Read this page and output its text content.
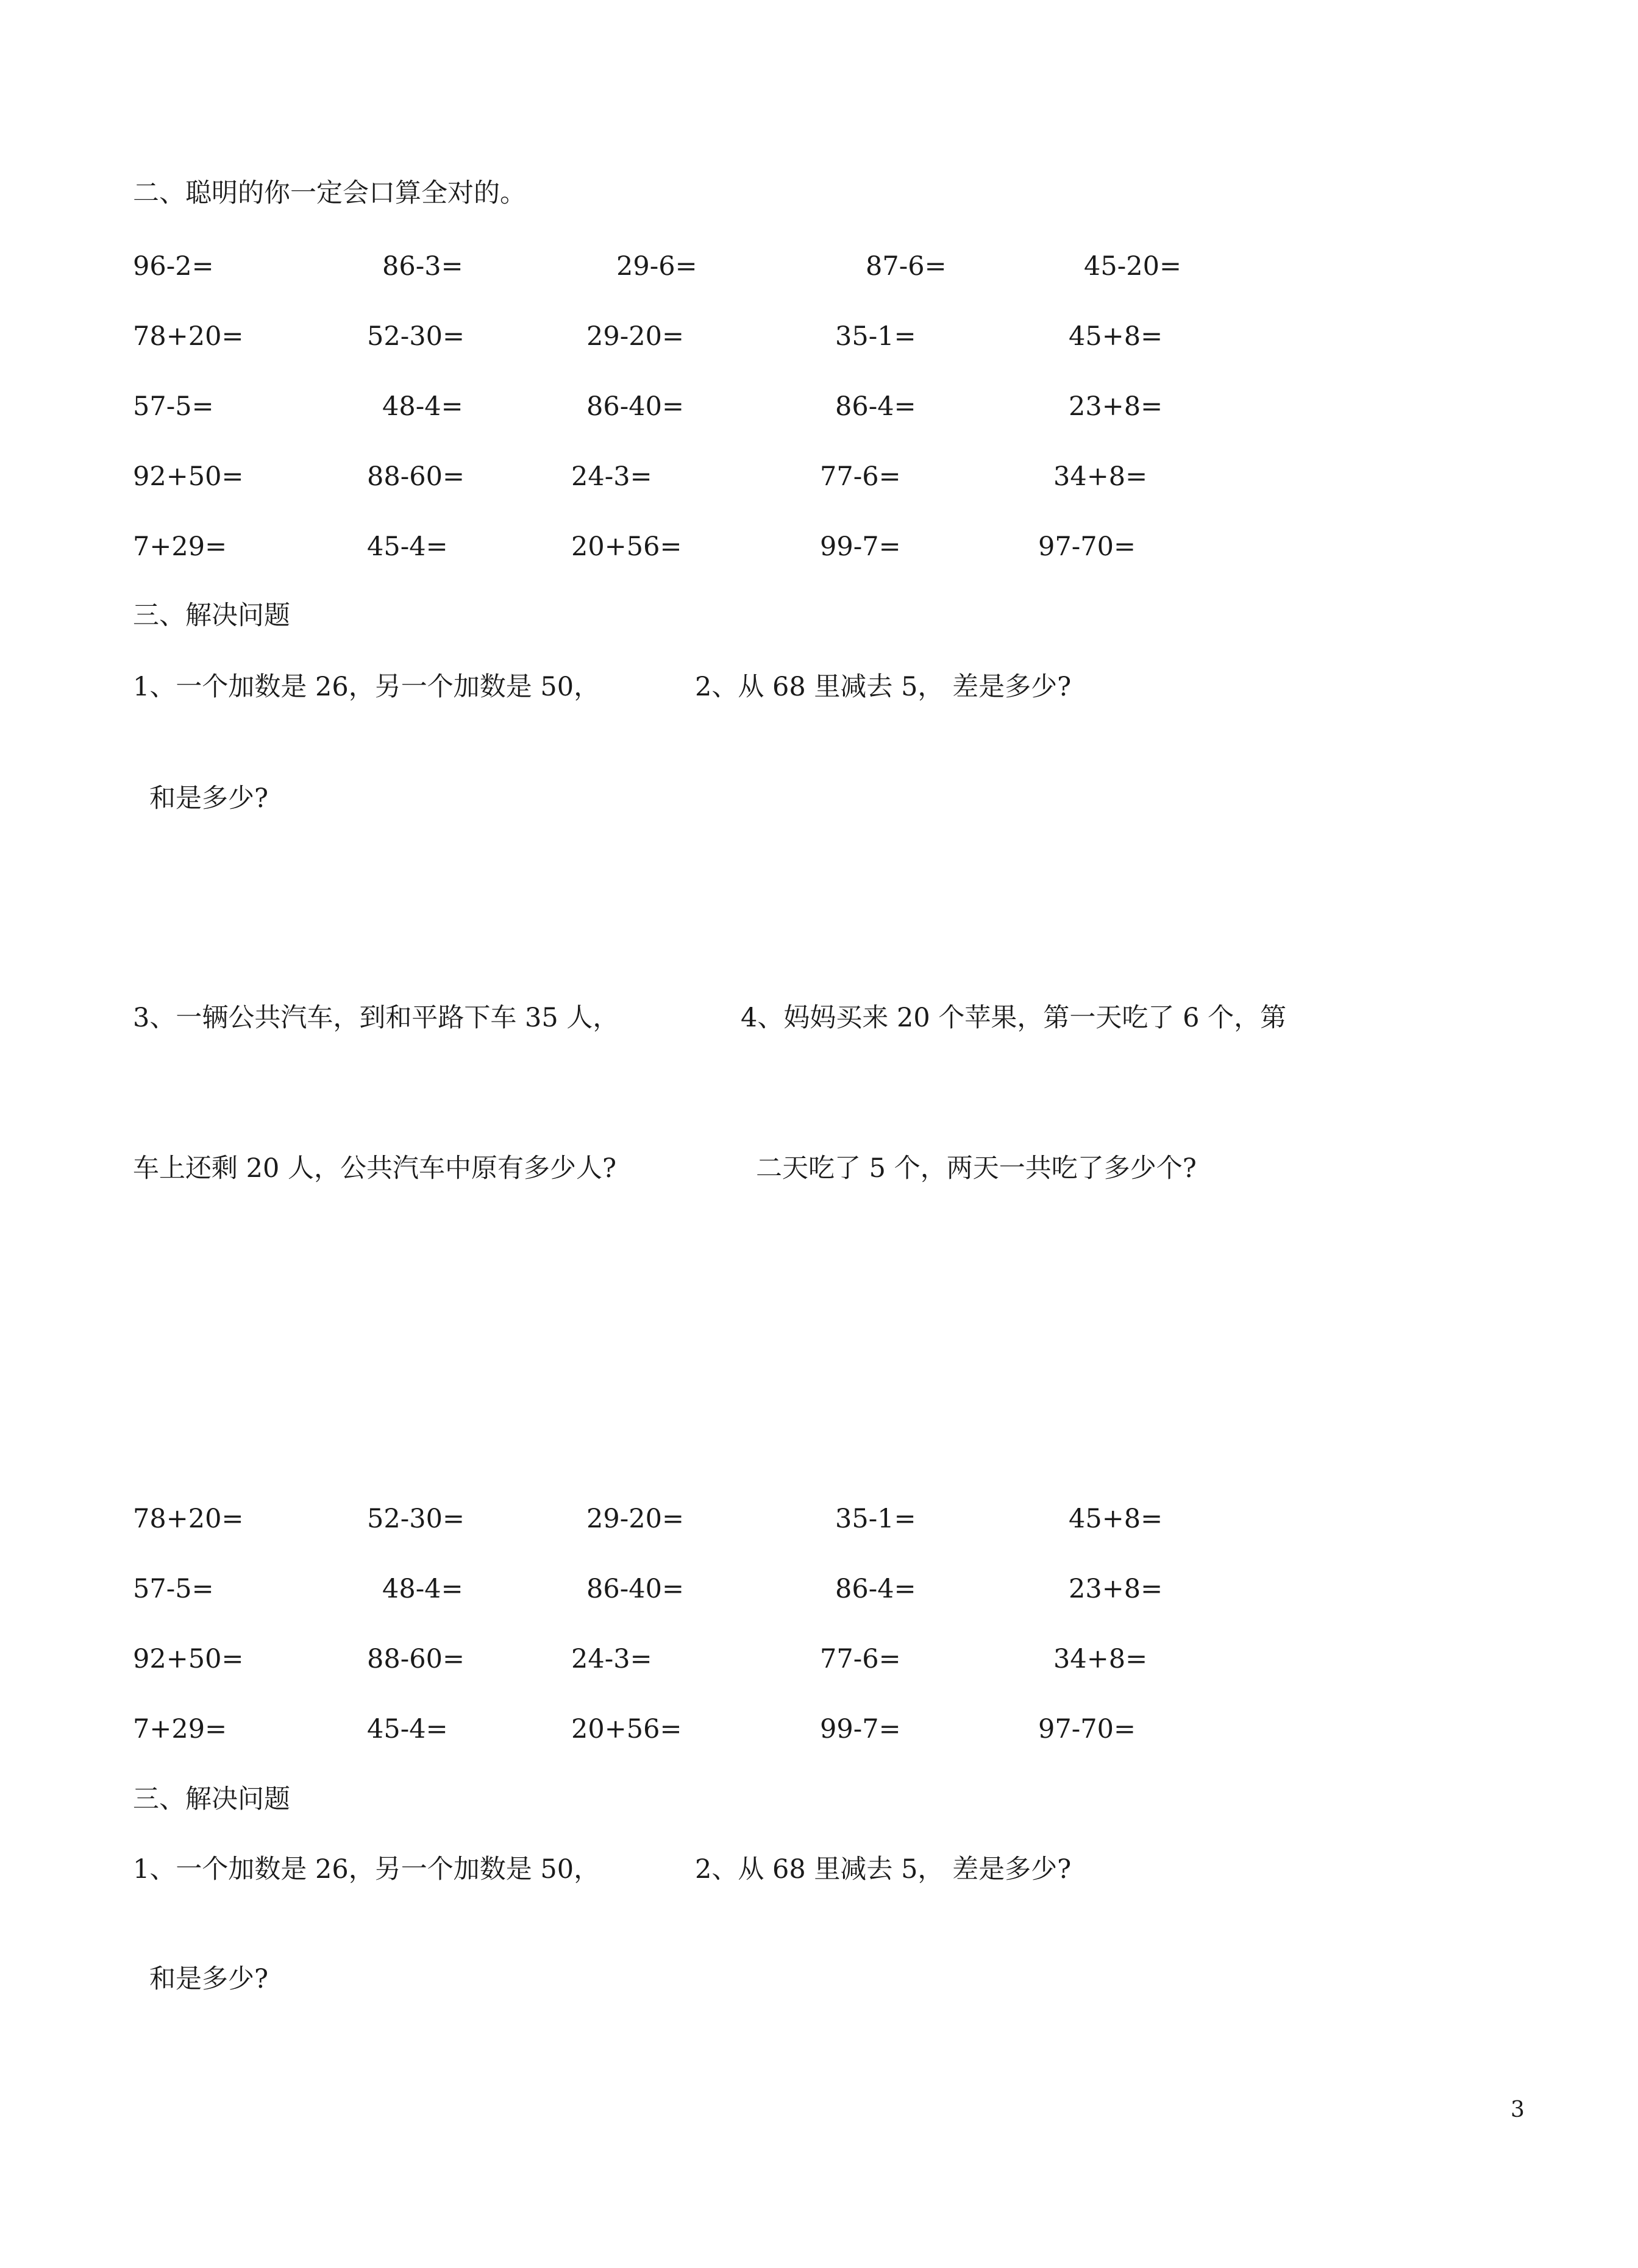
二、聪明的你一定会口算全对的。
96-2=	86-3=	29-6=	87-6=	45-20=
78+20=	52-30=	29-20=	35-1=	45+8=
57-5=	48-4=	86-40=	86-4=	23+8=
92+50=	88-60=	24-3=	77-6=	34+8=
7+29=	45-4=	20+56=	99-7=	97-70=
三、解决问题
1、一个加数是 26，另一个加数是 50，	2、从 68 里减去 5， 差是多少?
和是多少?
3、一辆公共汽车，到和平路下车 35 人，	4、妈妈买来 20 个苹果，第一天吃了 6 个，第
车上还剩 20 人，公共汽车中原有多少人?	二天吃了 5 个，两天一共吃了多少个?
78+20=	52-30=	29-20=	35-1=	45+8=
57-5=	48-4=	86-40=	86-4=	23+8=
92+50=	88-60=	24-3=	77-6=	34+8=
7+29=	45-4=	20+56=	99-7=	97-70=
三、解决问题
1、一个加数是 26，另一个加数是 50，	2、从 68 里减去 5， 差是多少?
和是多少?
3
